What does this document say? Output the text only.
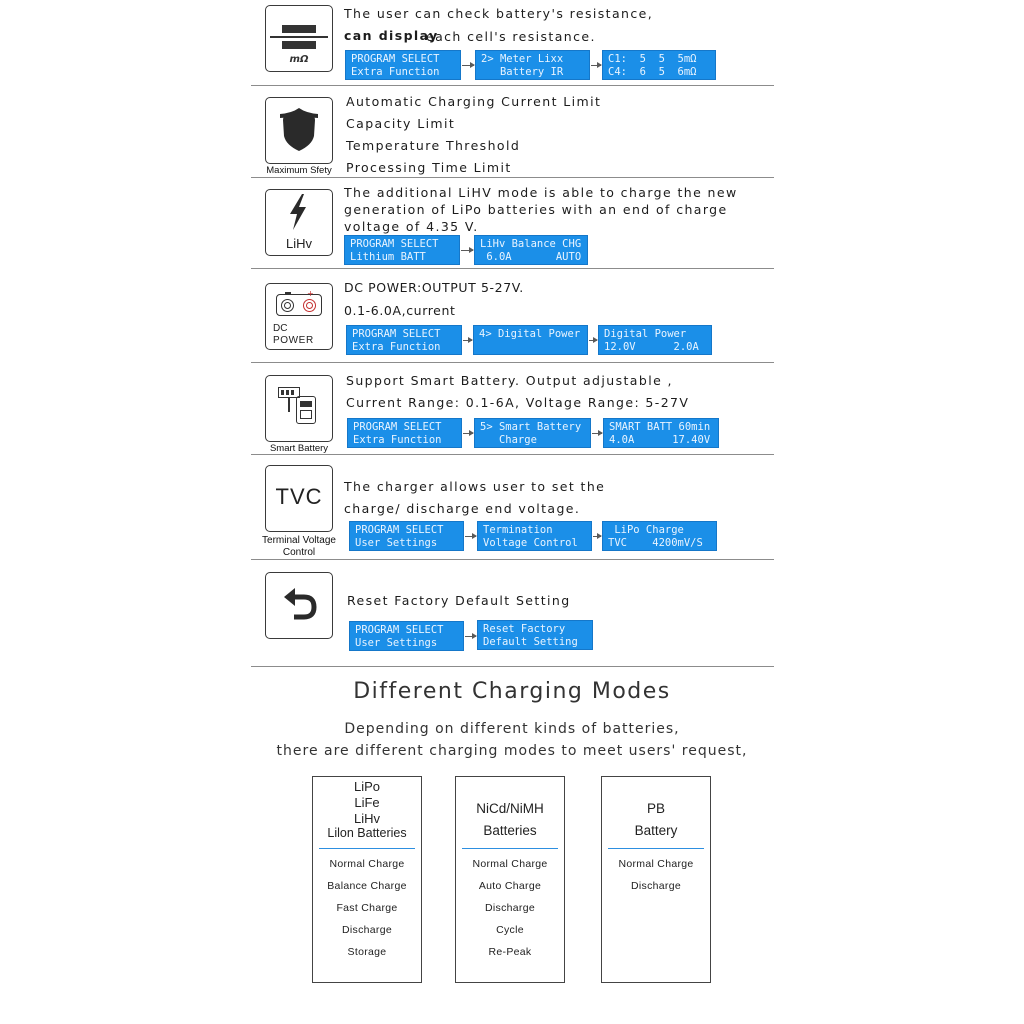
mΩ
The user can check battery's resistance,
can display
each cell's resistance.
PROGRAM SELECT
Extra Function
2> Meter Lixx
Battery IR
C1:  5  5  5mΩ
C4:  6  5  6mΩ
Maximum Sfety
Automatic Charging Current Limit
Capacity Limit
Temperature Threshold
Processing Time Limit
LiHv
The additional LiHV mode is able to charge the new
generation of LiPo batteries with an end of charge
voltage of 4.35 V.
PROGRAM SELECT
Lithium BATT
LiHv Balance CHG
6.0A       AUTO
+
DC
POWER
DC POWER:OUTPUT 5-27V.
0.1-6.0A,current
PROGRAM SELECT
Extra Function
4> Digital Power	Digital Power
12.0V      2.0A
Smart Battery
Support Smart Battery. Output adjustable ,
Current Range: 0.1-6A, Voltage Range: 5-27V
PROGRAM SELECT
Extra Function
5> Smart Battery
Charge
SMART BATT 60min
4.0A      17.40V
TVC
Terminal Voltage
Control
The charger allows user to set the
charge/ discharge end voltage.
PROGRAM SELECT
User Settings
Termination
Voltage Control
LiPo Charge
TVC    4200mV/S
Reset Factory Default Setting
PROGRAM SELECT
User Settings
Reset Factory
Default Setting
Different Charging Modes
Depending on different kinds of batteries,
there are different charging modes to meet users' request,
LiPo
LiFe
LiHv
Lilon Batteries
Normal Charge
Balance Charge
Fast Charge
Discharge
Storage
NiCd/NiMH
Batteries
Normal Charge
Auto Charge
Discharge
Cycle
Re-Peak
PB
Battery
Normal Charge
Discharge
